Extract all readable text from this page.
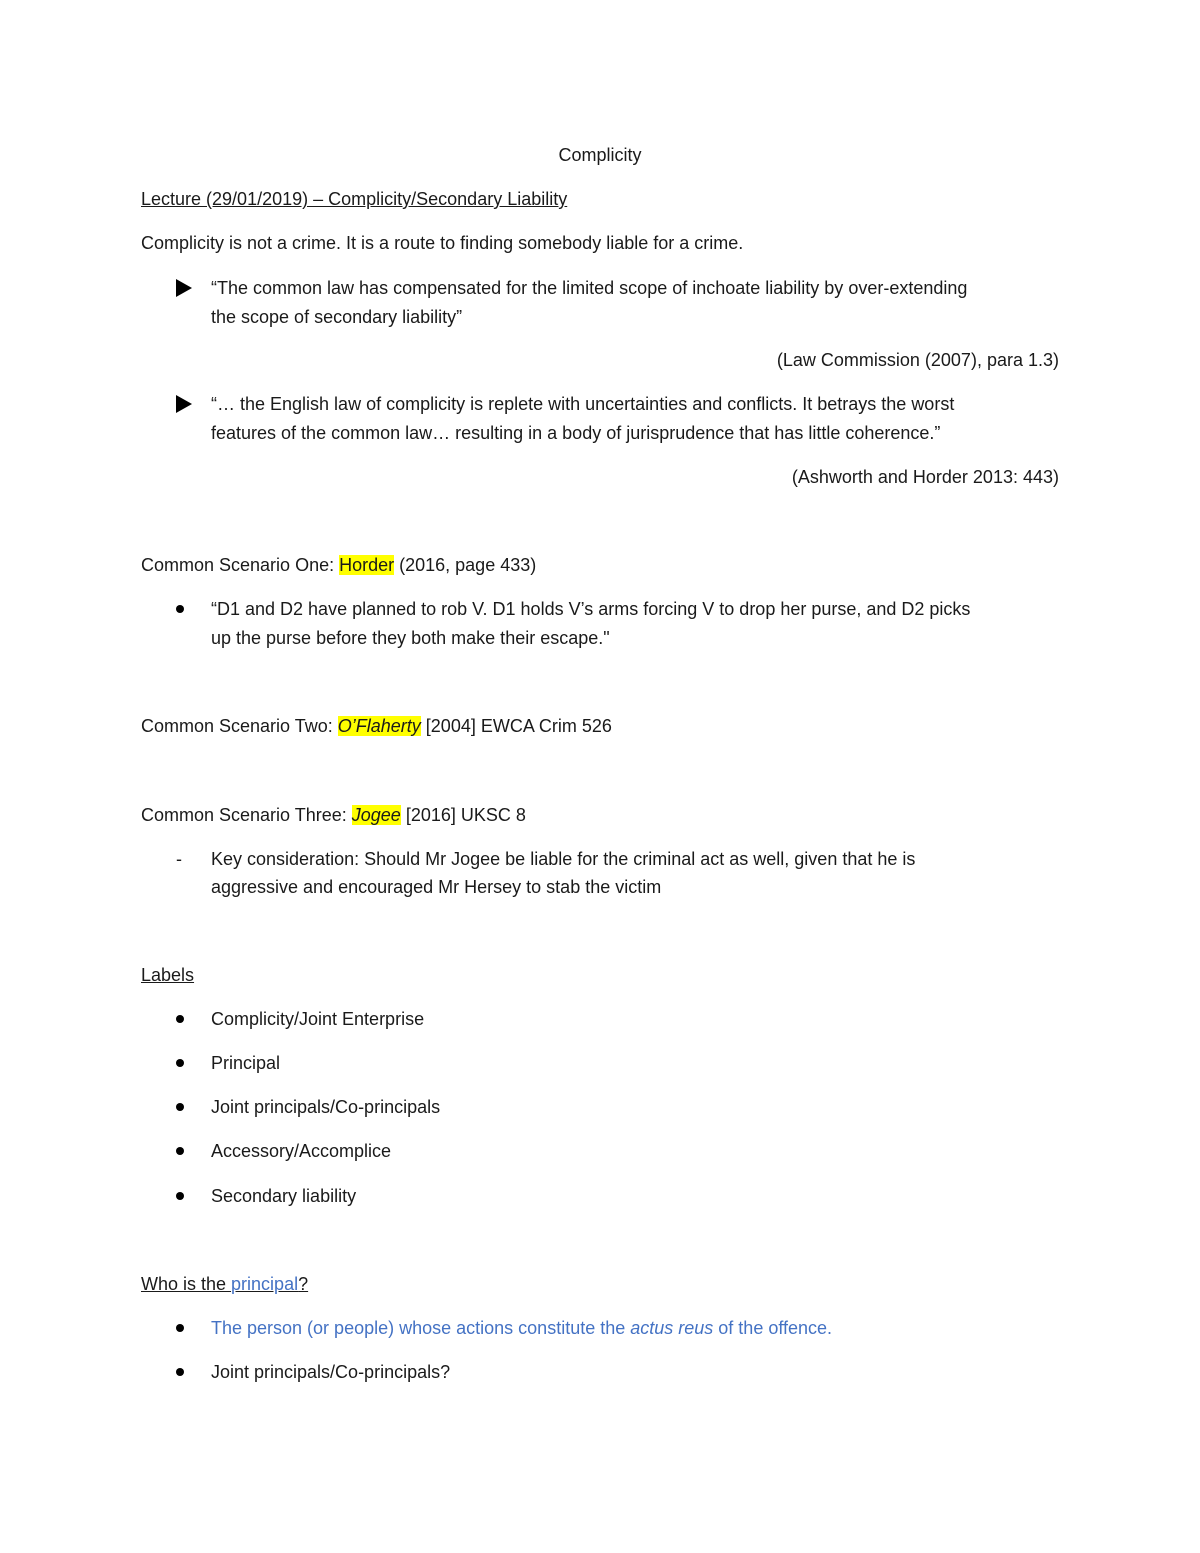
Complicity
Lecture (29/01/2019) – Complicity/Secondary Liability
Complicity is not a crime. It is a route to finding somebody liable for a crime.
“The common law has compensated for the limited scope of inchoate liability by over-extending
the scope of secondary liability”
(Law Commission (2007), para 1.3)
“… the English law of complicity is replete with uncertainties and conflicts. It betrays the worst
features of the common law… resulting in a body of jurisprudence that has little coherence.”
(Ashworth and Horder 2013: 443)
Common Scenario One: Horder (2016, page 433)
“D1 and D2 have planned to rob V. D1 holds V’s arms forcing V to drop her purse, and D2 picks
up the purse before they both make their escape."
Common Scenario Two: O’Flaherty [2004] EWCA Crim 526
Common Scenario Three: Jogee [2016] UKSC 8
- Key consideration: Should Mr Jogee be liable for the criminal act as well, given that he is
aggressive and encouraged Mr Hersey to stab the victim
Labels
Complicity/Joint Enterprise
Principal
Joint principals/Co-principals
Accessory/Accomplice
Secondary liability
Who is the principal?
The person (or people) whose actions constitute the actus reus of the offence.
Joint principals/Co-principals?
